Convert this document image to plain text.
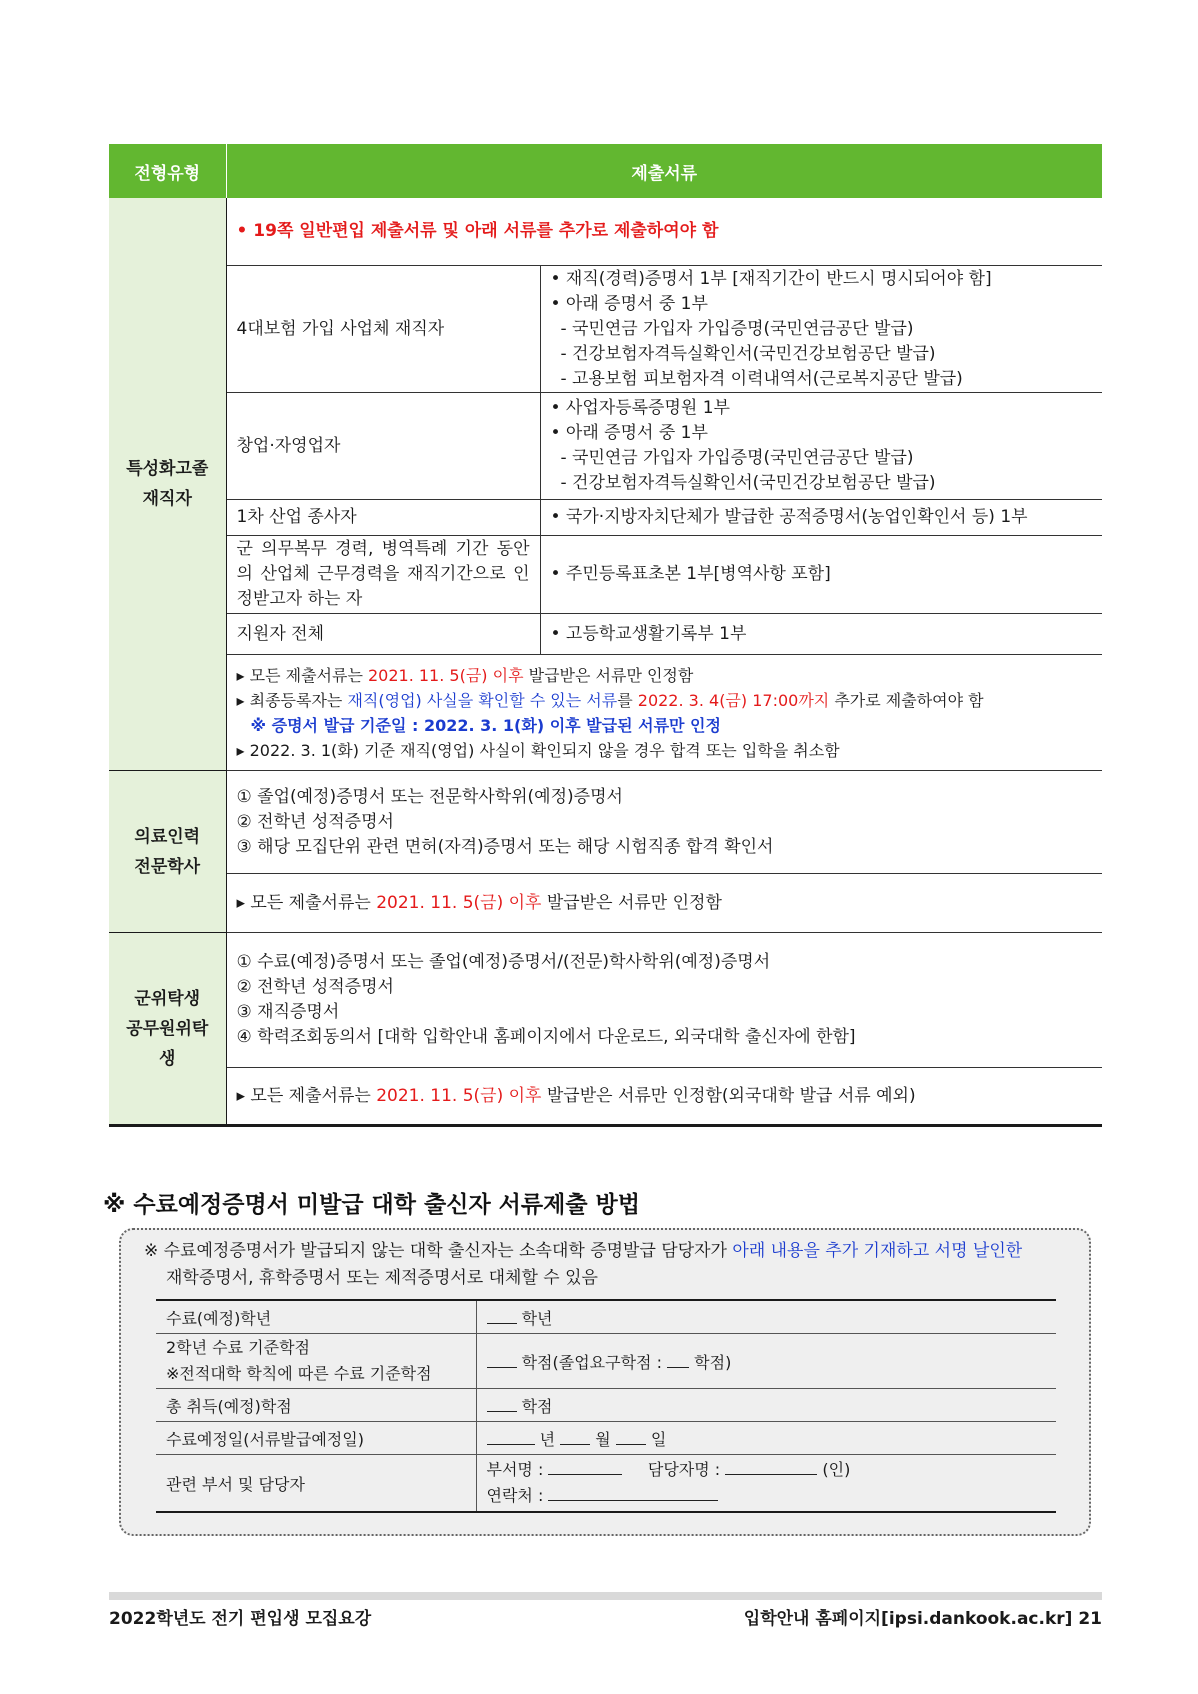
전형유형	제출서류	
특성화고졸
재직자	• 19쪽 일반편입 제출서류 및 아래 서류를 추가로 제출하여야 함	
	4대보험 가입 사업체 재직자	• 재직(경력)증명서 1부 [재직기간이 반드시 명시되어야 함]
• 아래 증명서 중 1부
- 국민연금 가입자 가입증명(국민연금공단 발급)
- 건강보험자격득실확인서(국민건강보험공단 발급)
- 고용보험 피보험자격 이력내역서(근로복지공단 발급)

	창업·자영업자	• 사업자등록증명원 1부
• 아래 증명서 중 1부
- 국민연금 가입자 가입증명(국민연금공단 발급)
- 건강보험자격득실확인서(국민건강보험공단 발급)

	1차 산업 종사자	• 국가·지방자치단체가 발급한 공적증명서(농업인확인서 등) 1부

	군 의무복무 경력, 병역특례 기간 동안의 산업체 근무경력을 재직기간으로 인정받고자 하는 자	• 주민등록표초본 1부[병역사항 포함]

	지원자 전체	• 고등학교생활기록부 1부

	▸ 모든 제출서류는 2021. 11. 5(금) 이후 발급받은 서류만 인정함
▸ 최종등록자는 재직(영업) 사실을 확인할 수 있는 서류를 2022. 3. 4(금) 17:00까지 추가로 제출하여야 함
※ 증명서 발급 기준일 : 2022. 3. 1(화) 이후 발급된 서류만 인정
▸ 2022. 3. 1(화) 기준 재직(영업) 사실이 확인되지 않을 경우 합격 또는 입학을 취소함	

의료인력
전문학사	① 졸업(예정)증명서 또는 전문학사학위(예정)증명서
② 전학년 성적증명서
③ 해당 모집단위 관련 면허(자격)증명서 또는 해당 시험직종 합격 확인서	

	▸ 모든 제출서류는 2021. 11. 5(금) 이후 발급받은 서류만 인정함	
군위탁생
공무원위탁생	① 수료(예정)증명서 또는 졸업(예정)증명서/(전문)학사학위(예정)증명서
② 전학년 성적증명서
③ 재직증명서
④ 학력조회동의서 [대학 입학안내 홈페이지에서 다운로드, 외국대학 출신자에 한함]	

	▸ 모든 제출서류는 2021. 11. 5(금) 이후 발급받은 서류만 인정함(외국대학 발급 서류 예외)	
※ 수료예정증명서 미발급 대학 출신자 서류제출 방법
※ 수료예정증명서가 발급되지 않는 대학 출신자는 소속대학 증명발급 담당자가 아래 내용을 추가 기재하고 서명 날인한
재학증명서, 휴학증명서 또는 제적증명서로 대체할 수 있음
수료(예정)학년	학년
2학년 수료 기준학점
※전적대학 학칙에 따른 수료 기준학점	학점(졸업요구학점 : 학점)
총 취득(예정)학점	학점
수료예정일(서류발급예정일)	년 월 일
관련 부서 및 담당자	부서명 : 담당자명 : (인)
연락처 :
2022학년도 전기 편입생 모집요강	입학안내 홈페이지[ipsi.dankook.ac.kr] 21
